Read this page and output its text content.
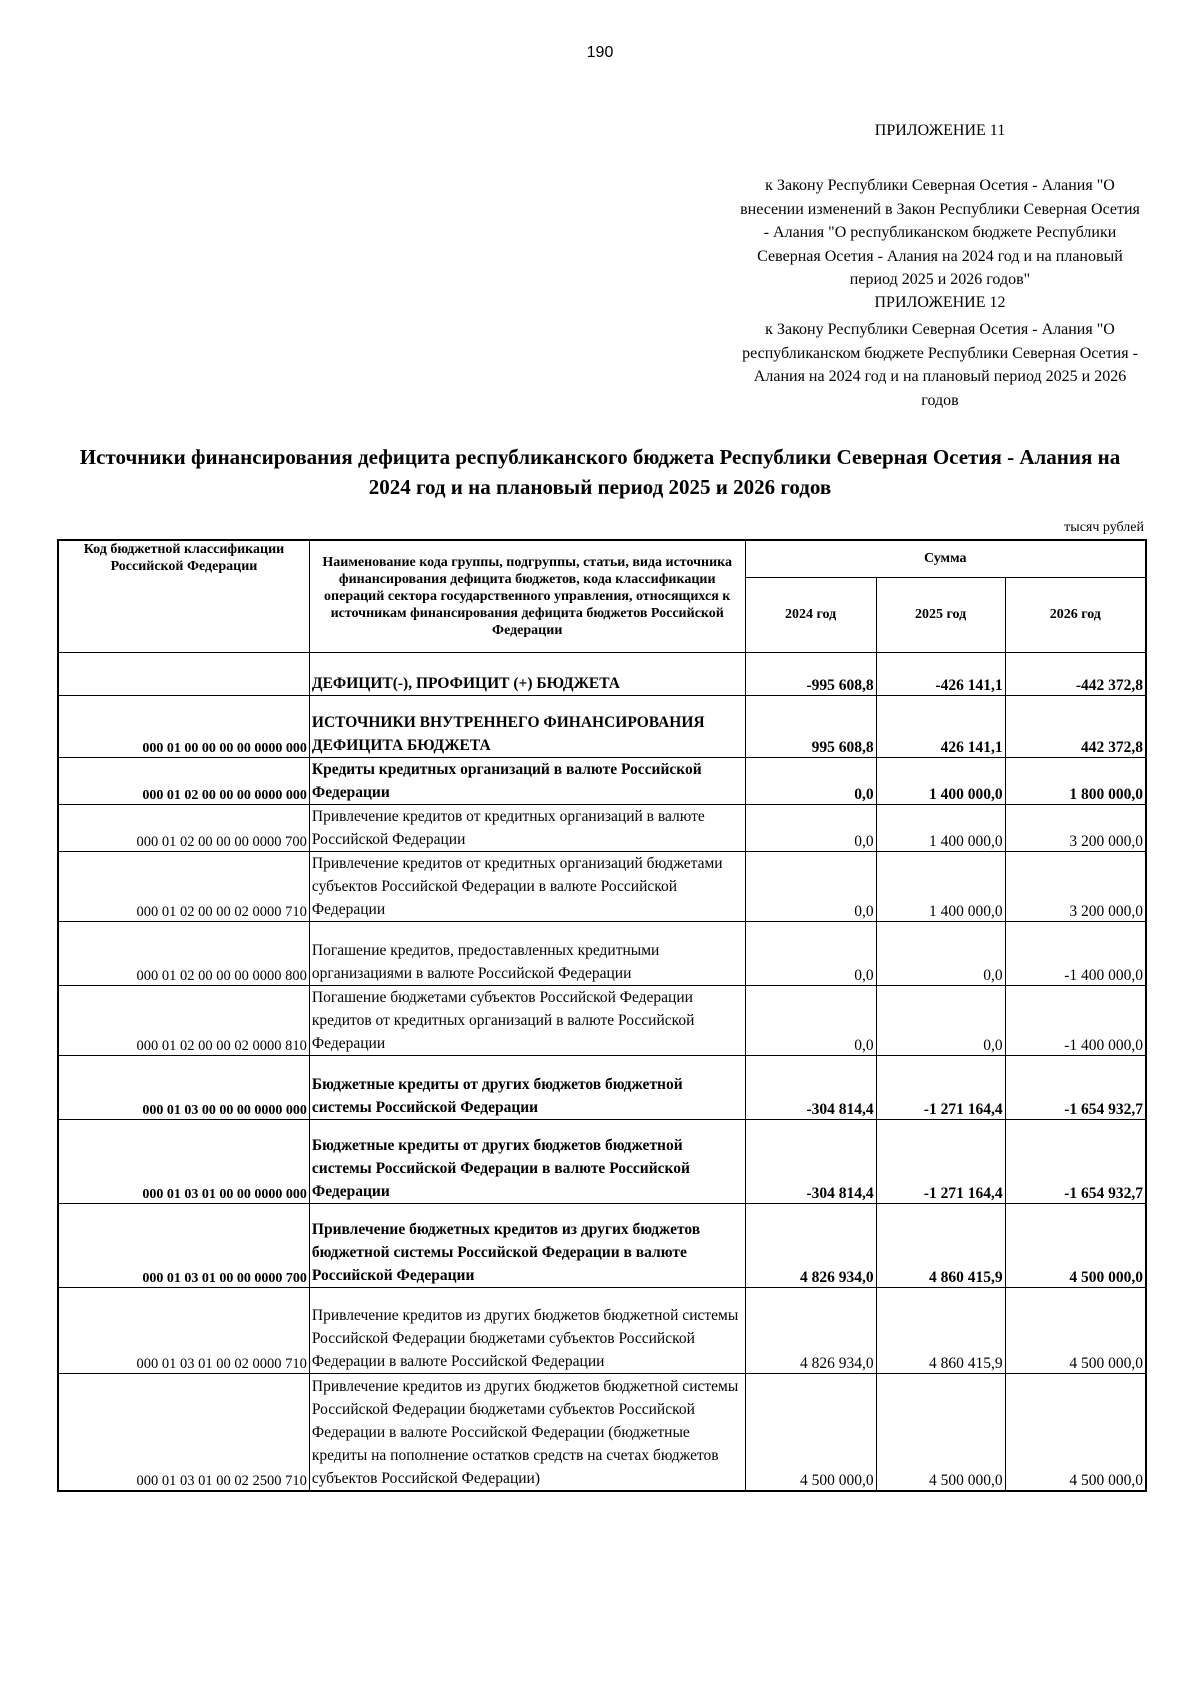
190
ПРИЛОЖЕНИЕ 11
к Закону Республики Северная Осетия - Алания "О внесении изменений в Закон Республики Северная Осетия - Алания "О республиканском бюджете Республики Северная Осетия - Алания на 2024 год и на плановый период 2025 и 2026 годов"
ПРИЛОЖЕНИЕ 12
к Закону Республики Северная Осетия - Алания "О республиканском бюджете Республики Северная Осетия - Алания на 2024 год и на плановый период 2025 и 2026 годов
Источники финансирования дефицита республиканского бюджета Республики Северная Осетия - Алания на 2024 год и на плановый период 2025 и 2026 годов
тысяч рублей
Код бюджетной классификации Российской Федерации	Наименование кода группы, подгруппы, статьи, вида источника финансирования дефицита бюджетов, кода классификации операций сектора государственного управления, относящихся к источникам финансирования дефицита бюджетов Российской Федерации	Сумма		
		2024 год	2025 год	2026 год
	ДЕФИЦИТ(-), ПРОФИЦИТ (+) БЮДЖЕТА	-995 608,8	-426 141,1	-442 372,8
000 01 00 00 00 00 0000 000	ИСТОЧНИКИ ВНУТРЕННЕГО ФИНАНСИРОВАНИЯ ДЕФИЦИТА БЮДЖЕТА	995 608,8	426 141,1	442 372,8
000 01 02 00 00 00 0000 000	Кредиты кредитных организаций в валюте Российской Федерации	0,0	1 400 000,0	1 800 000,0
000 01 02 00 00 00 0000 700	Привлечение кредитов от кредитных организаций в валюте Российской Федерации	0,0	1 400 000,0	3 200 000,0
000 01 02 00 00 02 0000 710	Привлечение кредитов от кредитных организаций бюджетами субъектов Российской Федерации в валюте Российской Федерации	0,0	1 400 000,0	3 200 000,0
000 01 02 00 00 00 0000 800	Погашение кредитов, предоставленных кредитными организациями в валюте Российской Федерации	0,0	0,0	-1 400 000,0
000 01 02 00 00 02 0000 810	Погашение бюджетами субъектов Российской Федерации кредитов от кредитных организаций в валюте Российской Федерации	0,0	0,0	-1 400 000,0
000 01 03 00 00 00 0000 000	Бюджетные кредиты от других бюджетов бюджетной системы Российской Федерации	-304 814,4	-1 271 164,4	-1 654 932,7
000 01 03 01 00 00 0000 000	Бюджетные кредиты от других бюджетов бюджетной системы Российской Федерации в валюте Российской Федерации	-304 814,4	-1 271 164,4	-1 654 932,7
000 01 03 01 00 00 0000 700	Привлечение бюджетных кредитов из других бюджетов бюджетной системы Российской Федерации в валюте Российской Федерации	4 826 934,0	4 860 415,9	4 500 000,0
000 01 03 01 00 02 0000 710	Привлечение кредитов из других бюджетов бюджетной системы Российской Федерации бюджетами субъектов Российской Федерации в валюте Российской Федерации	4 826 934,0	4 860 415,9	4 500 000,0
000 01 03 01 00 02 2500 710	Привлечение кредитов из других бюджетов бюджетной системы Российской Федерации бюджетами субъектов Российской Федерации в валюте Российской Федерации (бюджетные кредиты на пополнение остатков средств на счетах бюджетов субъектов Российской Федерации)	4 500 000,0	4 500 000,0	4 500 000,0
